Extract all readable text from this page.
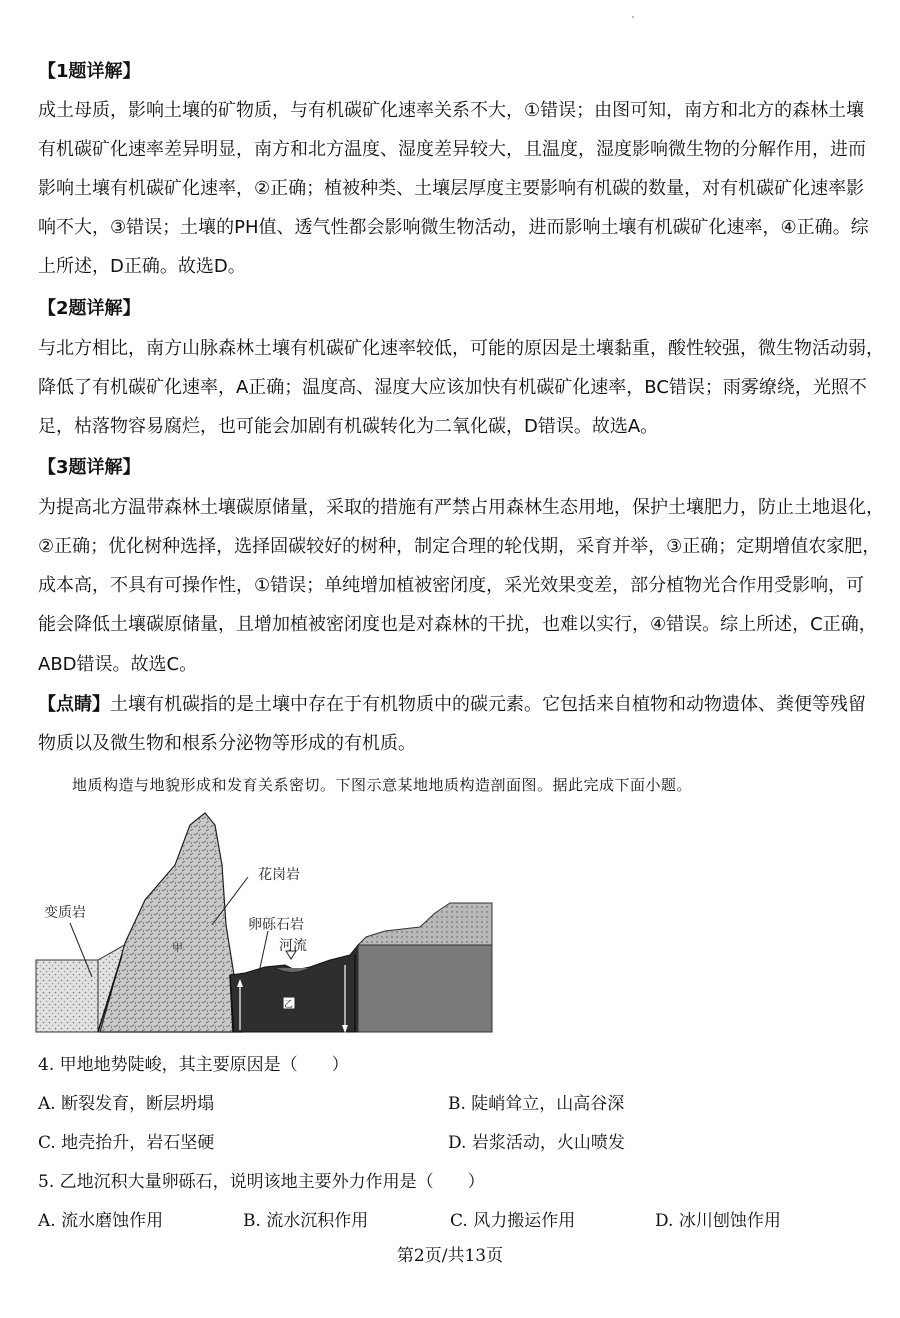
【1题详解】
成土母质，影响土壤的矿物质，与有机碳矿化速率关系不大，①错误；由图可知，南方和北方的森林土壤
有机碳矿化速率差异明显，南方和北方温度、湿度差异较大，且温度，湿度影响微生物的分解作用，进而
影响土壤有机碳矿化速率，②正确；植被种类、土壤层厚度主要影响有机碳的数量，对有机碳矿化速率影
响不大，③错误；土壤的PH值、透气性都会影响微生物活动，进而影响土壤有机碳矿化速率，④正确。综
上所述，D正确。故选D。
【2题详解】
与北方相比，南方山脉森林土壤有机碳矿化速率较低，可能的原因是土壤黏重，酸性较强，微生物活动弱，
降低了有机碳矿化速率，A正确；温度高、湿度大应该加快有机碳矿化速率，BC错误；雨雾缭绕，光照不
足，枯落物容易腐烂，也可能会加剧有机碳转化为二氧化碳，D错误。故选A。
【3题详解】
为提高北方温带森林土壤碳原储量，采取的措施有严禁占用森林生态用地，保护土壤肥力，防止土地退化，
②正确；优化树种选择，选择固碳较好的树种，制定合理的轮伐期，采育并举，③正确；定期增值农家肥，
成本高，不具有可操作性，①错误；单纯增加植被密闭度，采光效果变差，部分植物光合作用受影响，可
能会降低土壤碳原储量，且增加植被密闭度也是对森林的干扰，也难以实行，④错误。综上所述，C正确，
ABD错误。故选C。
【点睛】土壤有机碳指的是土壤中存在于有机物质中的碳元素。它包括来自植物和动物遗体、粪便等残留
物质以及微生物和根系分泌物等形成的有机质。
地质构造与地貌形成和发育关系密切。下图示意某地地质构造剖面图。据此完成下面小题。
变质岩
花岗岩
卵砾石岩
河流
甲
乙
4. 甲地地势陡峻，其主要原因是（　　）
A. 断裂发育，断层坍塌	B. 陡峭耸立，山高谷深
C. 地壳抬升，岩石坚硬	D. 岩浆活动，火山喷发
5. 乙地沉积大量卵砾石，说明该地主要外力作用是（　　）
A. 流水磨蚀作用	B. 流水沉积作用	C. 风力搬运作用	D. 冰川刨蚀作用
第2页/共13页
